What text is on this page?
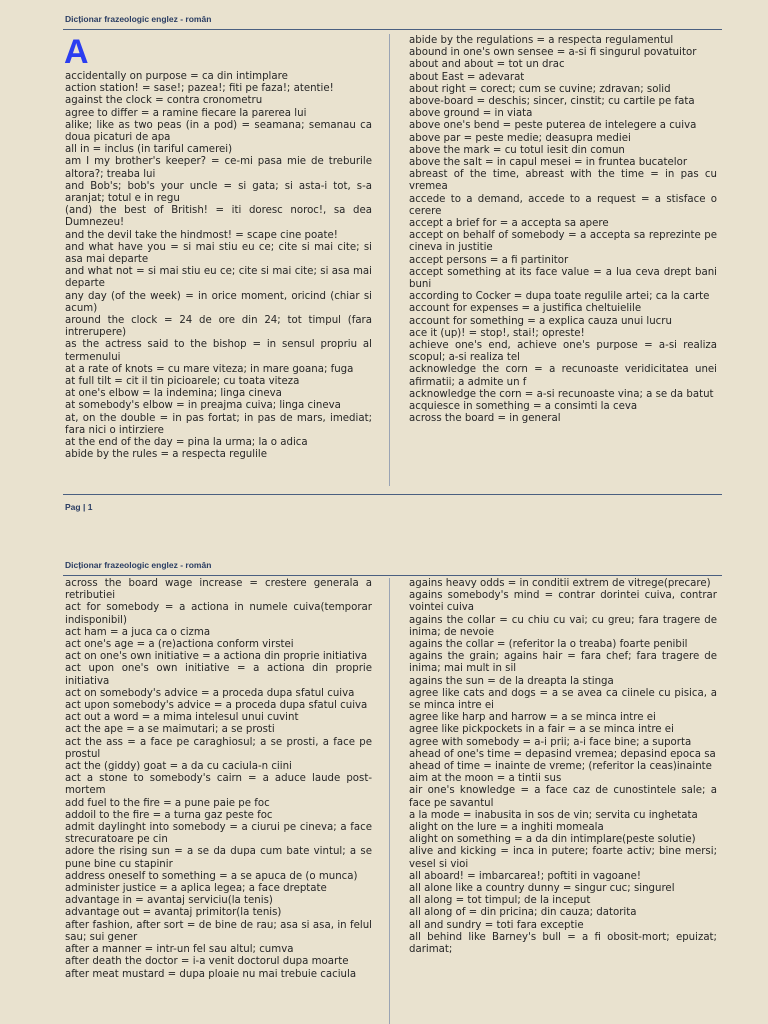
Dicționar frazeologic englez - român
A

accidentally on purpose = ca din intimplare

action station! = sase!; pazea!; fiti pe faza!; atentie!

against the clock = contra cronometru

agree to differ = a ramine fiecare la parerea lui

alike; like as two peas (in a pod) = seamana; semanau ca doua picaturi de apa

all in = inclus (in tariful camerei)

am I my brother's keeper? = ce-mi pasa mie de treburile altora?; treaba lui

and Bob's; bob's your uncle = si gata; si asta-i tot, s-a aranjat; totul e in regu

(and) the best of British! = iti doresc noroc!, sa dea Dumnezeu!

and the devil take the hindmost! = scape cine poate!

and what have you = si mai stiu eu ce; cite si mai cite; si asa mai departe

and what not = si mai stiu eu ce; cite si mai cite; si asa mai departe

any day (of the week) = in orice moment, oricind (chiar si acum)

around the clock = 24 de ore din 24; tot timpul (fara intrerupere)

as the actress said to the bishop = in sensul propriu al termenului

at a rate of knots = cu mare viteza; in mare goana; fuga

at full tilt = cit il tin picioarele; cu toata viteza

at one's elbow = la indemina; linga cineva

at somebody's elbow = in preajma cuiva; linga cineva

at, on the double = in pas fortat; in pas de mars, imediat; fara nici o intirziere

at the end of the day = pina la urma; la o adica

abide by the rules = a respecta regulile

abide by the regulations = a respecta regulamentul

abound in one's own sensee = a-si fi singurul povatuitor

about and about = tot un drac

about East = adevarat

about right = corect; cum se cuvine; zdravan; solid

above-board = deschis; sincer, cinstit; cu cartile pe fata

above ground = in viata

above one's bend = peste puterea de intelegere a cuiva

above par = peste medie; deasupra mediei

above the mark = cu totul iesit din comun

above the salt = in capul mesei = in fruntea bucatelor

abreast of the time, abreast with the time = in pas cu vremea

accede to a demand, accede to a request = a stisface o cerere

accept a brief for = a accepta sa apere

accept on behalf of somebody = a accepta sa reprezinte pe cineva in justitie

accept persons = a fi partinitor

accept something at its face value = a lua ceva drept bani buni

according to Cocker = dupa toate regulile artei; ca la carte

account for expenses = a justifica cheltuielile

account for something = a explica cauza unui lucru

ace it (up)! = stop!, stai!; opreste!

achieve one's end, achieve one's purpose = a-si realiza scopul; a-si realiza tel

acknowledge the corn = a recunoaste veridicitatea unei afirmatii; a admite un f

acknowledge the corn = a-si recunoaste vina; a se da batut

acquiesce in something = a consimti la ceva

across the board = in general

Pag | 1
Dicționar frazeologic englez - român

across the board wage increase = crestere generala a retributiei

act for somebody = a actiona in numele cuiva(temporar indisponibil)

act ham = a juca ca o cizma

act one's age = a (re)actiona conform virstei

act on one's own initiative = a actiona din proprie initiativa

act upon one's own initiative = a actiona din proprie initiativa

act on somebody's advice = a proceda dupa sfatul cuiva

act upon somebody's advice = a proceda dupa sfatul cuiva

act out a word = a mima intelesul unui cuvint

act the ape = a se maimutari; a se prosti

act the ass = a face pe caraghiosul; a se prosti, a face pe prostul

act the (giddy) goat = a da cu caciula-n ciini

act a stone to somebody's cairn = a aduce laude post-mortem

add fuel to the fire = a pune paie pe foc

addoil to the fire = a turna gaz peste foc

admit daylinght into somebody = a ciurui pe cineva; a face strecuratoare pe cin

adore the rising sun = a se da dupa cum bate vintul; a se pune bine cu stapinir

address oneself to something = a se apuca de (o munca)

administer justice = a aplica legea; a face dreptate

advantage in = avantaj serviciu(la tenis)

advantage out = avantaj primitor(la tenis)

after fashion, after sort = de bine de rau; asa si asa, in felul sau; sui gener

after a manner = intr-un fel sau altul; cumva

after death the doctor = i-a venit doctorul dupa moarte

after meat mustard = dupa ploaie nu mai trebuie caciula

agains heavy odds = in conditii extrem de vitrege(precare)

agains somebody's mind = contrar dorintei cuiva, contrar vointei cuiva

agains the collar = cu chiu cu vai; cu greu; fara tragere de inima; de nevoie

agains the collar = (referitor la o treaba) foarte penibil

agains the grain; agains hair = fara chef; fara tragere de inima; mai mult in sil

agains the sun = de la dreapta la stinga

agree like cats and dogs = a se avea ca ciinele cu pisica, a se minca intre ei

agree like harp and harrow = a se minca intre ei

agree like pickpockets in a fair = a se minca intre ei

agree with somebody = a-i prii; a-i face bine; a suporta

ahead of one's time = depasind vremea; depasind epoca sa

ahead of time = inainte de vreme; (referitor la ceas)inainte

aim at the moon = a tintii sus

air one's knowledge = a face caz de cunostintele sale; a face pe savantul

a la mode = inabusita in sos de vin; servita cu inghetata

alight on the lure = a inghiti momeala

alight on something = a da din intimplare(peste solutie)

alive and kicking = inca in putere; foarte activ; bine mersi; vesel si vioi

all aboard! = imbarcarea!; poftiti in vagoane!

all alone like a country dunny = singur cuc; singurel

all along = tot timpul; de la inceput

all along of = din pricina; din cauza; datorita

all and sundry = toti fara exceptie

all behind like Barney's bull = a fi obosit-mort; epuizat; darimat;
